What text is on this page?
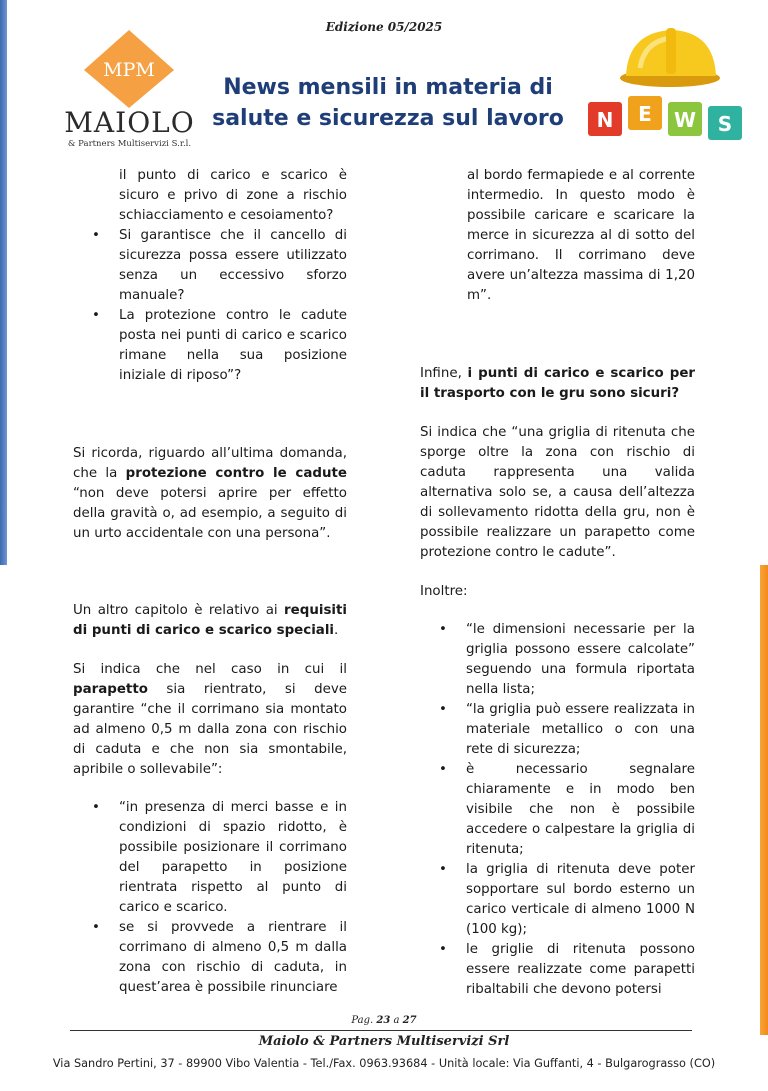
Edizione 05/2025
MPM
MAIOLO
& Partners Multiservizi S.r.l.
News mensili in materia di
salute e sicurezza sul lavoro	N E W S
il punto di carico e scarico è sicuro e privo di zone a rischio schiacciamento e cesoiamento?
• Si garantisce che il cancello di sicurezza possa essere utilizzato senza un eccessivo sforzo manuale?
• La protezione contro le cadute posta nei punti di carico e scarico rimane nella sua posizione iniziale di riposo”?

Si ricorda, riguardo all’ultima domanda, che la protezione contro le cadute “non deve potersi aprire per effetto della gravità o, ad esempio, a seguito di un urto accidentale con una persona”.

Un altro capitolo è relativo ai requisiti di punti di carico e scarico speciali.

Si indica che nel caso in cui il parapetto sia rientrato, si deve garantire “che il corrimano sia montato ad almeno 0,5 m dalla zona con rischio di caduta e che non sia smontabile, apribile o sollevabile”:

• “in presenza di merci basse e in condizioni di spazio ridotto, è possibile posizionare il corrimano del parapetto in posizione rientrata rispetto al punto di carico e scarico.
• se si provvede a rientrare il corrimano di almeno 0,5 m dalla zona con rischio di caduta, in quest’area è possibile rinunciare

al bordo fermapiede e al corrente intermedio. In questo modo è possibile caricare e scaricare la merce in sicurezza al di sotto del corrimano. Il corrimano deve avere un’altezza massima di 1,20 m”.

Infine, i punti di carico e scarico per il trasporto con le gru sono sicuri?

Si indica che “una griglia di ritenuta che sporge oltre la zona con rischio di caduta rappresenta una valida alternativa solo se, a causa dell’altezza di sollevamento ridotta della gru, non è possibile realizzare un parapetto come protezione contro le cadute”.

Inoltre:

• “le dimensioni necessarie per la griglia possono essere calcolate” seguendo una formula riportata nella lista;
• “la griglia può essere realizzata in materiale metallico o con una rete di sicurezza;
• è necessario segnalare chiaramente e in modo ben visibile che non è possibile accedere o calpestare la griglia di ritenuta;
• la griglia di ritenuta deve poter sopportare sul bordo esterno un carico verticale di almeno 1000 N (100 kg);
• le griglie di ritenuta possono essere realizzate come parapetti ribaltabili che devono potersi
Pag. 23 a 27
Maiolo & Partners Multiservizi Srl
Via Sandro Pertini, 37 - 89900 Vibo Valentia - Tel./Fax. 0963.93684 - Unità locale: Via Guffanti, 4 - Bulgarograsso (CO)
